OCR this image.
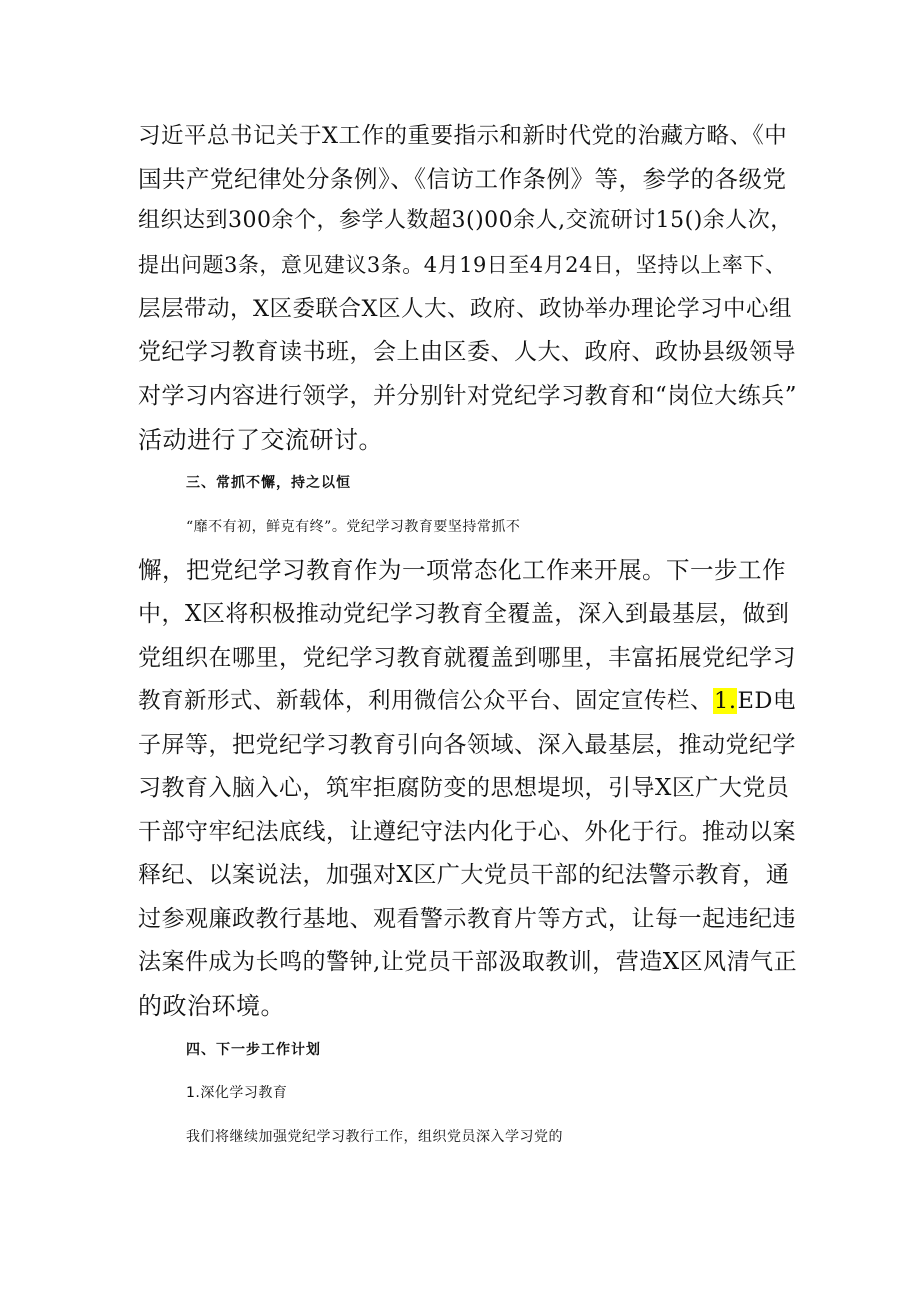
习近平总书记关于X工作的重要指示和新时代党的治藏方略、《中
国共产党纪律处分条例》、《信访工作条例》等，参学的各级党
组织达到300余个，参学人数超3()00余人,交流研讨15()余人次，
提出问题3条，意见建议3条。4月19日至4月24日，坚持以上率下、
层层带动，X区委联合X区人大、政府、政协举办理论学习中心组
党纪学习教育读书班，会上由区委、人大、政府、政协县级领导
对学习内容进行领学，并分别针对党纪学习教育和“岗位大练兵”
活动进行了交流研讨。
三、常抓不懈，持之以恒
“靡不有初，鲜克有终”。党纪学习教育要坚持常抓不
懈，把党纪学习教育作为一项常态化工作来开展。下一步工作
中，X区将积极推动党纪学习教育全覆盖，深入到最基层，做到
党组织在哪里，党纪学习教育就覆盖到哪里，丰富拓展党纪学习
教育新形式、新载体，利用微信公众平台、固定宣传栏、1.ED电
子屏等，把党纪学习教育引向各领域、深入最基层，推动党纪学
习教育入脑入心，筑牢拒腐防变的思想堤坝，引导X区广大党员
干部守牢纪法底线，让遵纪守法内化于心、外化于行。推动以案
释纪、以案说法，加强对X区广大党员干部的纪法警示教育，通
过参观廉政教行基地、观看警示教育片等方式，让每一起违纪违
法案件成为长鸣的警钟,让党员干部汲取教训，营造X区风清气正
的政治环境。
四、下一步工作计划
1.深化学习教育
我们将继续加强党纪学习教行工作，组织党员深入学习党的
